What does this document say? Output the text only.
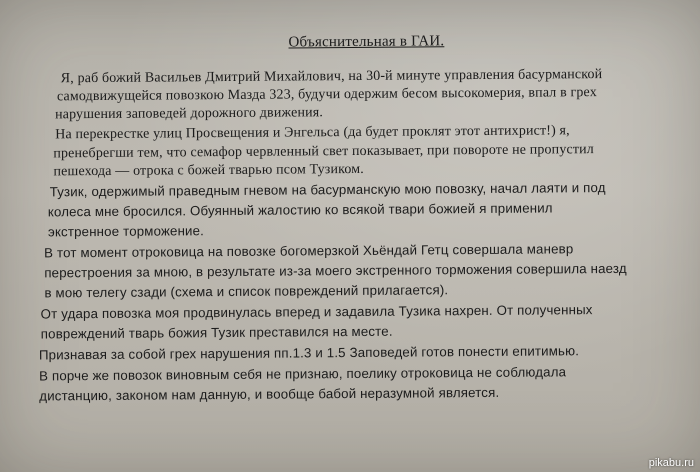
Объяснительная в ГАИ.
Я, раб божий Васильев Дмитрий Михайлович, на 30-й минуте управления басурманской
самодвижущейся повозкою Мазда 323, будучи одержим бесом высокомерия, впал в грех
нарушения заповедей дорожного движения.
На перекрестке улиц Просвещения и Энгельса (да будет проклят этот антихрист!) я,
пренебрегши тем, что семафор червленный свет показывает, при повороте не пропустил
пешехода — отрока с божей тварью псом Тузиком.
Тузик, одержимый праведным гневом на басурманскую мою повозку, начал лаяти и под
колеса мне бросился. Обуянный жалостию ко всякой твари божией я применил
экстренное торможение.
В тот момент отроковица на повозке богомерзкой Хьёндай Гетц совершала маневр
перестроения за мною, в результате из-за моего экстренного торможения совершила наезд
в мою телегу сзади (схема и список повреждений прилагается).
От удара повозка моя продвинулась вперед и задавила Тузика нахрен. От полученных
повреждений тварь божия Тузик преставился на месте.
Признавая за собой грех нарушения пп.1.3 и 1.5 Заповедей готов понести епитимью.
В порче же повозок виновным себя не признаю, поелику отроковица не соблюдала
дистанцию, законом нам данную, и вообще бабой неразумной является.
pikabu.ru
